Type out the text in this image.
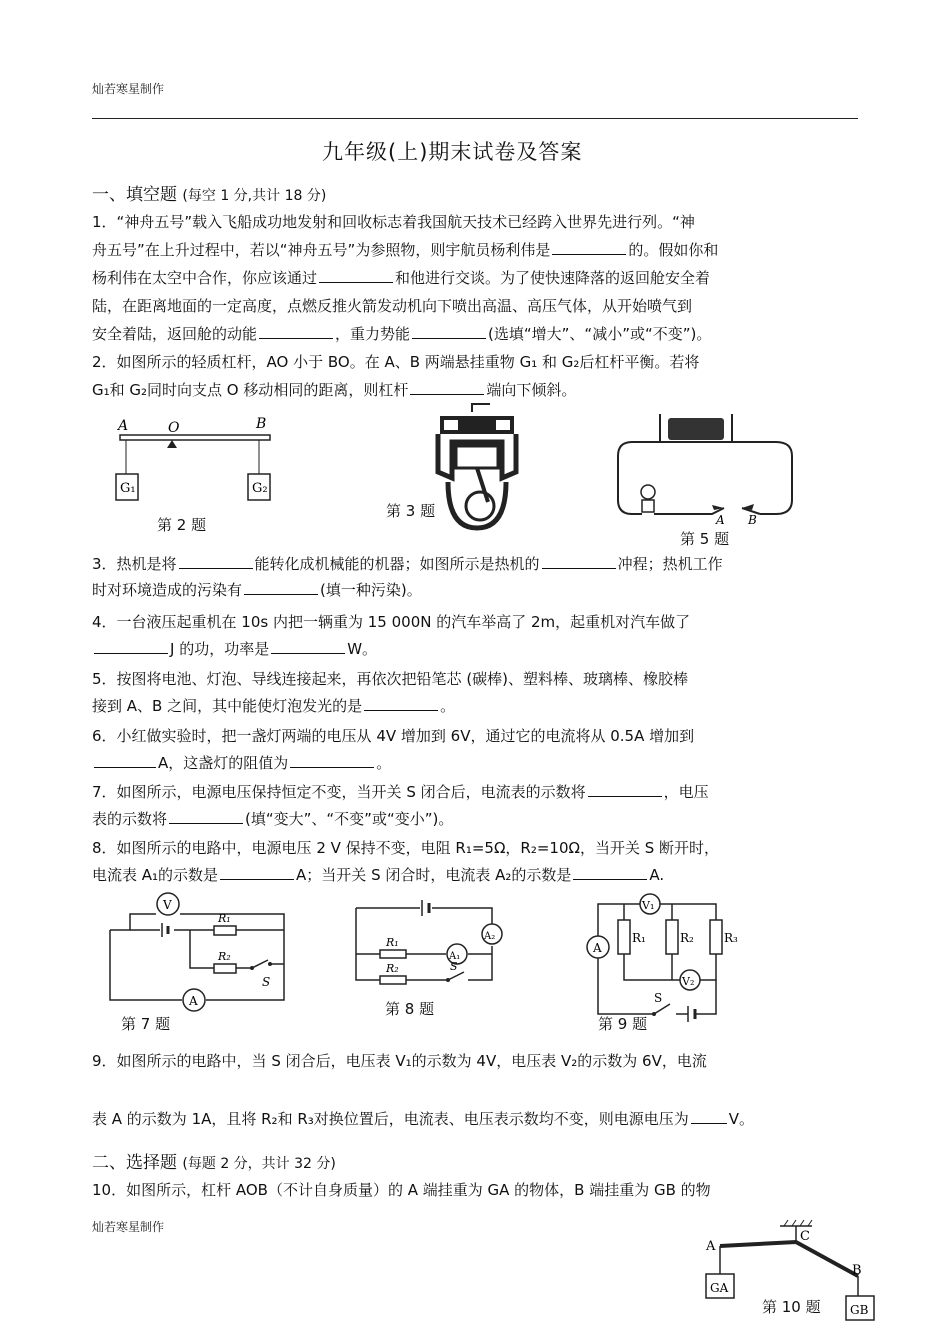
灿若寒星制作
九年级(上)期末试卷及答案
一、填空题 (每空 1 分,共计 18 分)
1．“神舟五号”载入飞船成功地发射和回收标志着我国航天技术已经跨入世界先进行列。“神
舟五号”在上升过程中，若以“神舟五号”为参照物，则宇航员杨利伟是	的。假如你和
杨利伟在太空中合作，你应该通过	和他进行交谈。为了使快速降落的返回舱安全着
陆，在距离地面的一定高度，点燃反推火箭发动机向下喷出高温、高压气体，从开始喷气到
安全着陆，返回舱的动能	，重力势能	(选填“增大”、“减小”或“不变”)。
2．如图所示的轻质杠杆，AO 小于 BO。在 A、B 两端悬挂重物 G₁ 和 G₂后杠杆平衡。若将
G₁和 G₂同时向支点 O 移动相同的距离，则杠杆	端向下倾斜。
A	O	B
G₁	G₂
第 2 题
第 3 题	A B
第 5 题
3．热机是将	能转化成机械能的机器；如图所示是热机的	冲程；热机工作
时对环境造成的污染有	(填一种污染)。
4．一台液压起重机在 10s 内把一辆重为 15 000N 的汽车举高了 2m，起重机对汽车做了
J 的功，功率是	W。
5．按图将电池、灯泡、导线连接起来，再依次把铅笔芯 (碳棒)、塑料棒、玻璃棒、橡胶棒
接到 A、B 之间，其中能使灯泡发光的是	。
6．小红做实验时，把一盏灯两端的电压从 4V 增加到 6V，通过它的电流将从 0.5A 增加到
A，这盏灯的阻值为	。
7．如图所示，电源电压保持恒定不变，当开关 S 闭合后，电流表的示数将	，电压
表的示数将	(填“变大”、“不变”或“变小”)。
8．如图所示的电路中，电源电压 2 V 保持不变，电阻 R₁=5Ω，R₂=10Ω，当开关 S 断开时，
电流表 A₁的示数是	A；当开关 S 闭合时，电流表 A₂的示数是	A.
V
R₁
R₂
S
A
第 7 题
A₂
R₁
A₁
R₂	S
第 8 题
A
V₁
R₁	R₂	R₃
V₂
S
第 9 题
9．如图所示的电路中，当 S 闭合后，电压表 V₁的示数为 4V，电压表 V₂的示数为 6V，电流
表 A 的示数为 1A，且将 R₂和 R₃对换位置后，电流表、电压表示数均不变，则电源电压为	V。
二、选择题 (每题 2 分，共计 32 分)
10．如图所示，杠杆 AOB（不计自身质量）的 A 端挂重为 GA 的物体，B 端挂重为 GB 的物
灿若寒星制作
A
C
B
GA
GB
第 10 题
